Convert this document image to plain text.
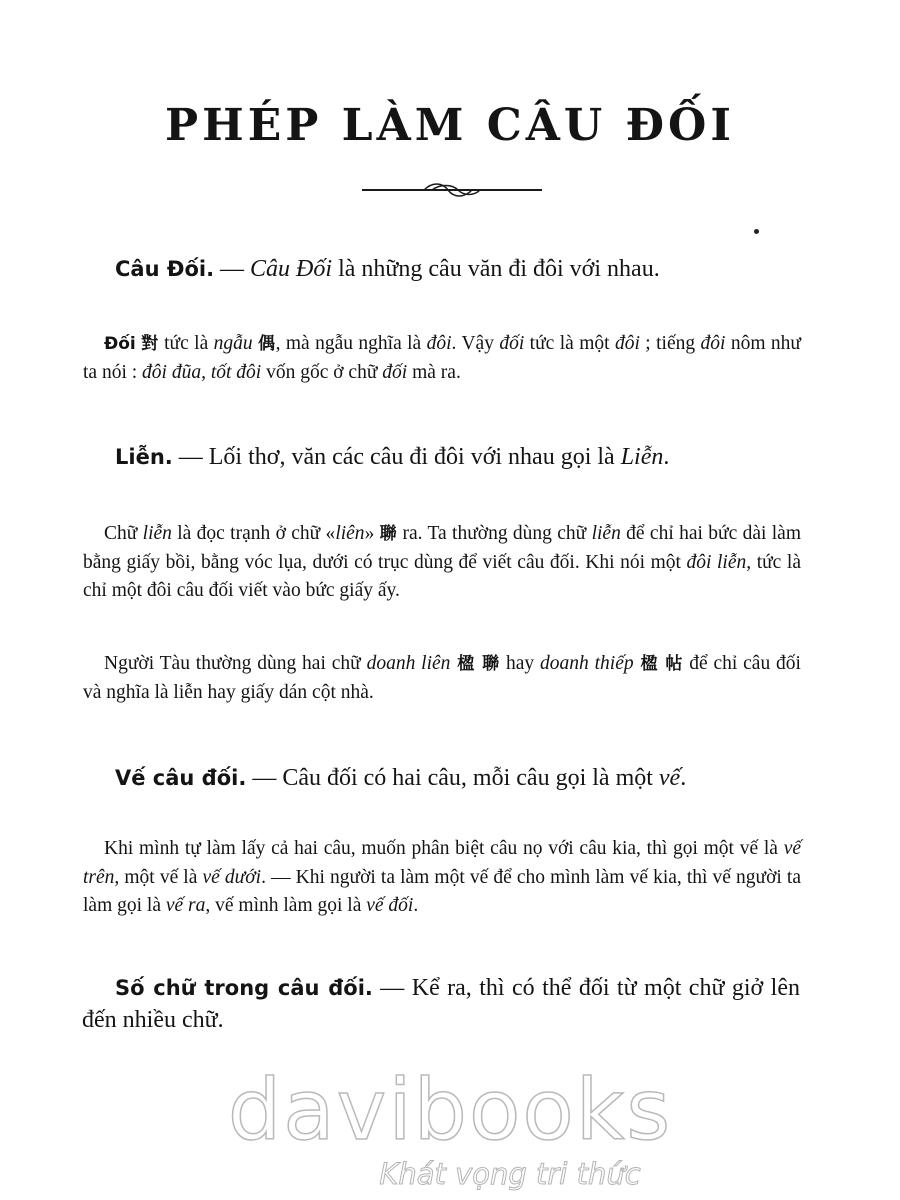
PHÉP LÀM CÂU ĐỐI

Câu Đối. — Câu Đối là những câu văn đi đôi với nhau.

Đối 對 tức là ngẫu 偶, mà ngẫu nghĩa là đôi. Vậy đối tức là một đôi ; tiếng đôi nôm như ta nói : đôi đũa, tốt đôi vốn gốc ở chữ đối mà ra.

Liễn. — Lối thơ, văn các câu đi đôi với nhau gọi là Liễn.

Chữ liễn là đọc trạnh ở chữ «liên» 聯 ra. Ta thường dùng chữ liễn để chỉ hai bức dài làm bằng giấy bồi, bằng vóc lụa, dưới có trục dùng để viết câu đối. Khi nói một đôi liễn, tức là chỉ một đôi câu đối viết vào bức giấy ấy.

Người Tàu thường dùng hai chữ doanh liên 楹 聯 hay doanh thiếp 楹 帖 để chỉ câu đối và nghĩa là liễn hay giấy dán cột nhà.

Vế câu đối. — Câu đối có hai câu, mỗi câu gọi là một vế.

Khi mình tự làm lấy cả hai câu, muốn phân biệt câu nọ với câu kia, thì gọi một vế là vế trên, một vế là vế dưới. — Khi người ta làm một vế để cho mình làm vế kia, thì vế người ta làm gọi là vế ra, vế mình làm gọi là vế đối.

Số chữ trong câu đối. — Kể ra, thì có thể đối từ một chữ giở lên đến nhiều chữ.

davibooks
Khát vọng tri thức
